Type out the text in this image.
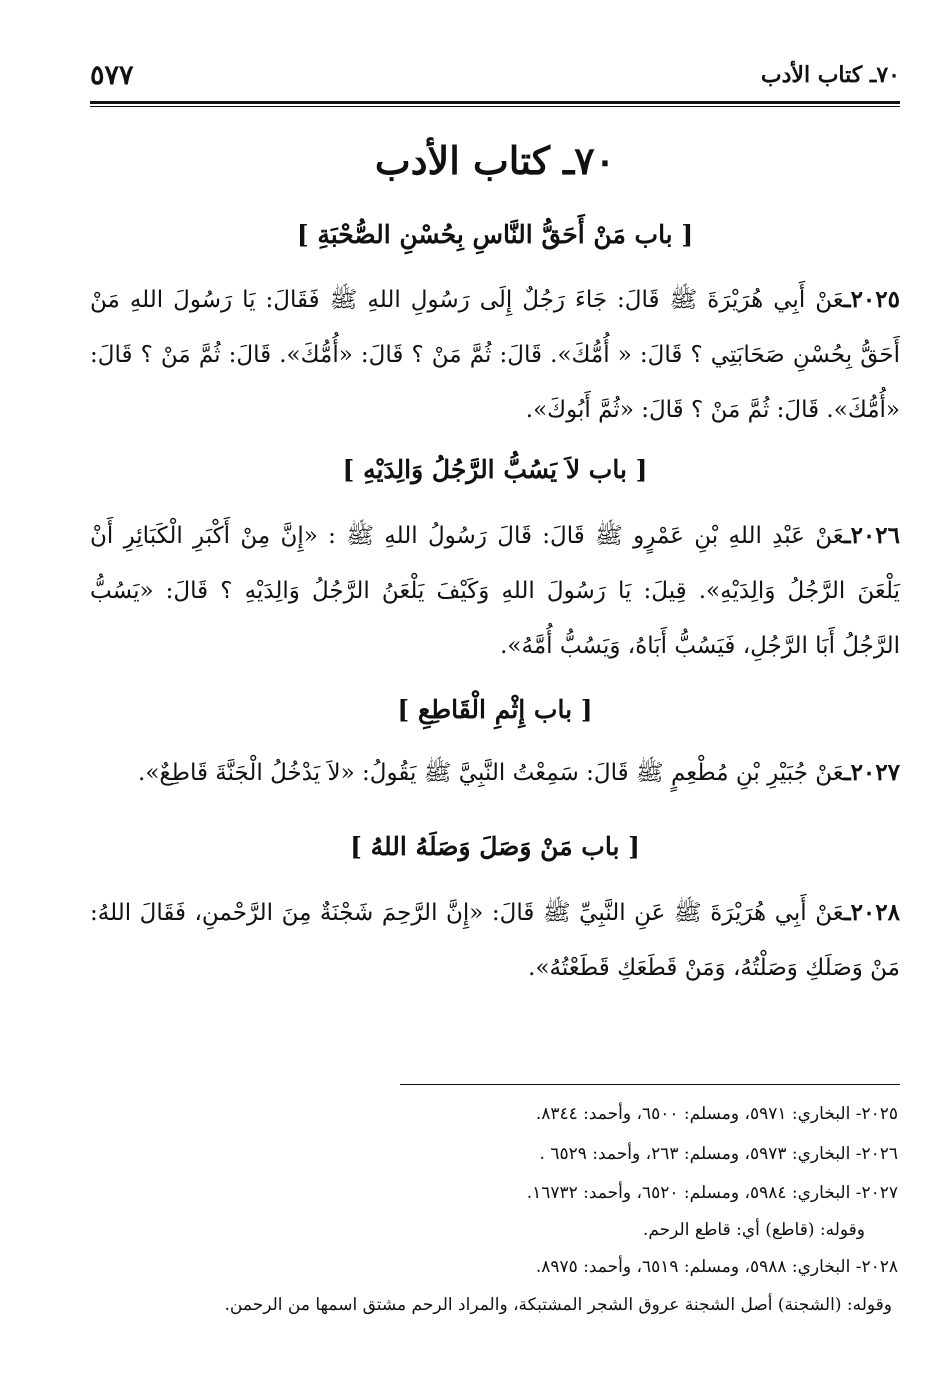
٧٠ـ كتاب الأدب
٥٧٧
٧٠ـ كتاب الأدب
[ باب مَنْ أَحَقُّ النَّاسِ بِحُسْنِ الصُّحْبَةِ ]
٢٠٢٥ـعَنْ أَبِي هُرَيْرَةَ ﷺ قَالَ: جَاءَ رَجُلٌ إِلَى رَسُولِ اللهِ ﷺ فَقَالَ: يَا رَسُولَ اللهِ مَنْ أَحَقُّ بِحُسْنِ صَحَابَتِي ؟ قَالَ: « أُمُّكَ». قَالَ: ثُمَّ مَنْ ؟ قَالَ: «أُمُّكَ». قَالَ: ثُمَّ مَنْ ؟ قَالَ: «أُمُّكَ». قَالَ: ثُمَّ مَنْ ؟ قَالَ: «ثُمَّ أَبُوكَ».
[ باب لاَ يَسُبُّ الرَّجُلُ وَالِدَيْهِ ]
٢٠٢٦ـعَنْ عَبْدِ اللهِ بْنِ عَمْرٍو ﷺ قَالَ: قَالَ رَسُولُ اللهِ ﷺ : «إِنَّ مِنْ أَكْبَرِ الْكَبَائِرِ أَنْ يَلْعَنَ الرَّجُلُ وَالِدَيْهِ». قِيلَ: يَا رَسُولَ اللهِ وَكَيْفَ يَلْعَنُ الرَّجُلُ وَالِدَيْهِ ؟ قَالَ: «يَسُبُّ الرَّجُلُ أَبَا الرَّجُلِ، فَيَسُبُّ أَبَاهُ، وَيَسُبُّ أُمَّهُ».
[ باب إِثْمِ الْقَاطِعِ ]
٢٠٢٧ـعَنْ جُبَيْرِ بْنِ مُطْعِمٍ ﷺ قَالَ: سَمِعْتُ النَّبِيَّ ﷺ يَقُولُ: «لاَ يَدْخُلُ الْجَنَّةَ قَاطِعٌ».
[ باب مَنْ وَصَلَ وَصَلَهُ اللهُ ]
٢٠٢٨ـعَنْ أَبِي هُرَيْرَةَ ﷺ عَنِ النَّبِيِّ ﷺ قَالَ: «إِنَّ الرَّحِمَ شَجْنَةٌ مِنَ الرَّحْمنِ، فَقَالَ اللهُ: مَنْ وَصَلَكِ وَصَلْتُهُ، وَمَنْ قَطَعَكِ قَطَعْتُهُ».
٢٠٢٥- البخاري: ٥٩٧١، ومسلم: ٦٥٠٠، وأحمد: ٨٣٤٤.
٢٠٢٦- البخاري: ٥٩٧٣، ومسلم: ٢٦٣، وأحمد: ٦٥٢٩ .
٢٠٢٧- البخاري: ٥٩٨٤، ومسلم: ٦٥٢٠، وأحمد: ١٦٧٣٢.
وقوله: (قاطع) أي: قاطع الرحم.
٢٠٢٨- البخاري: ٥٩٨٨، ومسلم: ٦٥١٩، وأحمد: ٨٩٧٥.
وقوله: (الشجنة) أصل الشجنة عروق الشجر المشتبكة، والمراد الرحم مشتق اسمها من الرحمن.
